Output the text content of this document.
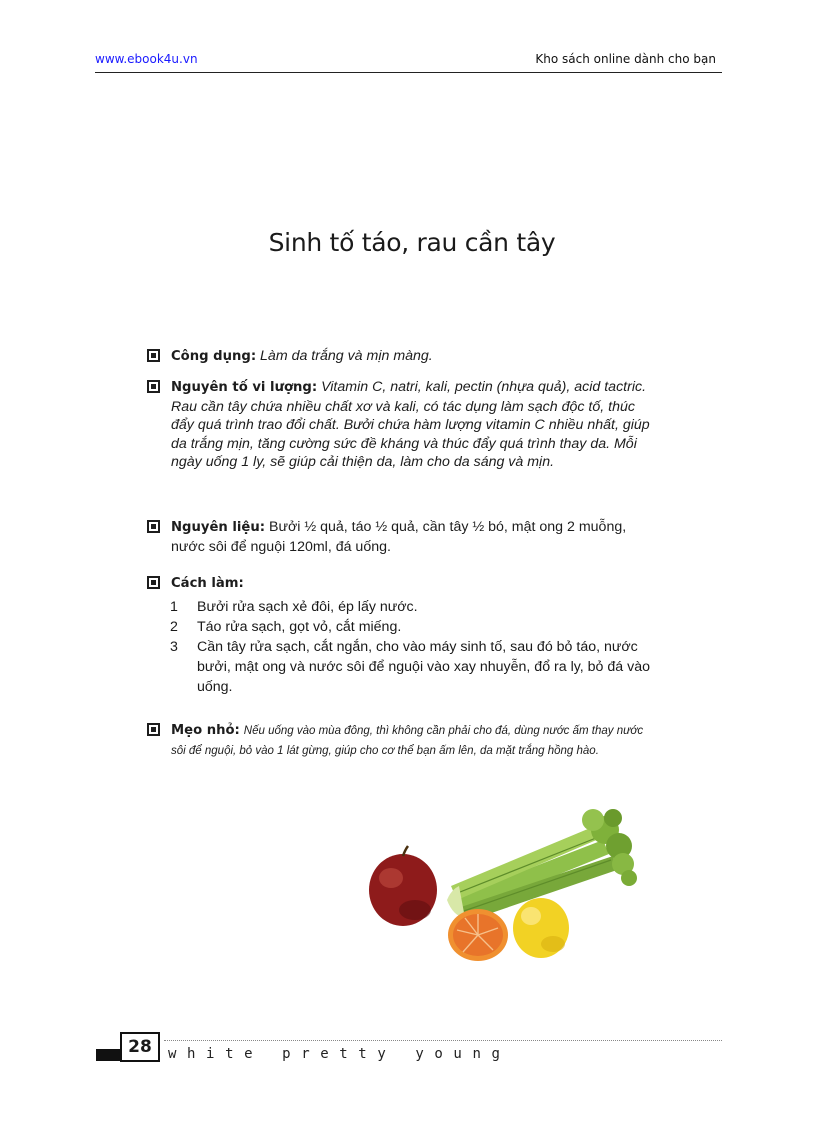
www.ebook4u.vn	Kho sách online dành cho bạn
Sinh tố táo, rau cần tây
Công dụng: Làm da trắng và mịn màng.
Nguyên tố vi lượng: Vitamin C, natri, kali, pectin (nhựa quả), acid tactric. Rau cần tây chứa nhiều chất xơ và kali, có tác dụng làm sạch độc tố, thúc đẩy quá trình trao đổi chất. Bưởi chứa hàm lượng vitamin C nhiều nhất, giúp da trắng mịn, tăng cường sức đề kháng và thúc đẩy quá trình thay da. Mỗi ngày uống 1 ly, sẽ giúp cải thiện da, làm cho da sáng và mịn.
Nguyên liệu: Bưởi ½ quả, táo ½ quả, cần tây ½ bó, mật ong 2 muỗng, nước sôi để nguội 120ml, đá uống.
Cách làm:
1 Bưởi rửa sạch xẻ đôi, ép lấy nước.
2 Táo rửa sạch, gọt vỏ, cắt miếng.
3 Cần tây rửa sạch, cắt ngắn, cho vào máy sinh tố, sau đó bỏ táo, nước bưởi, mật ong và nước sôi để nguội vào xay nhuyễn, đổ ra ly, bỏ đá vào uống.
Mẹo nhỏ: Nếu uống vào mùa đông, thì không cần phải cho đá, dùng nước ấm thay nước sôi để nguội, bỏ vào 1 lát gừng, giúp cho cơ thể bạn ấm lên, da mặt trắng hồng hào.
28	white pretty young
